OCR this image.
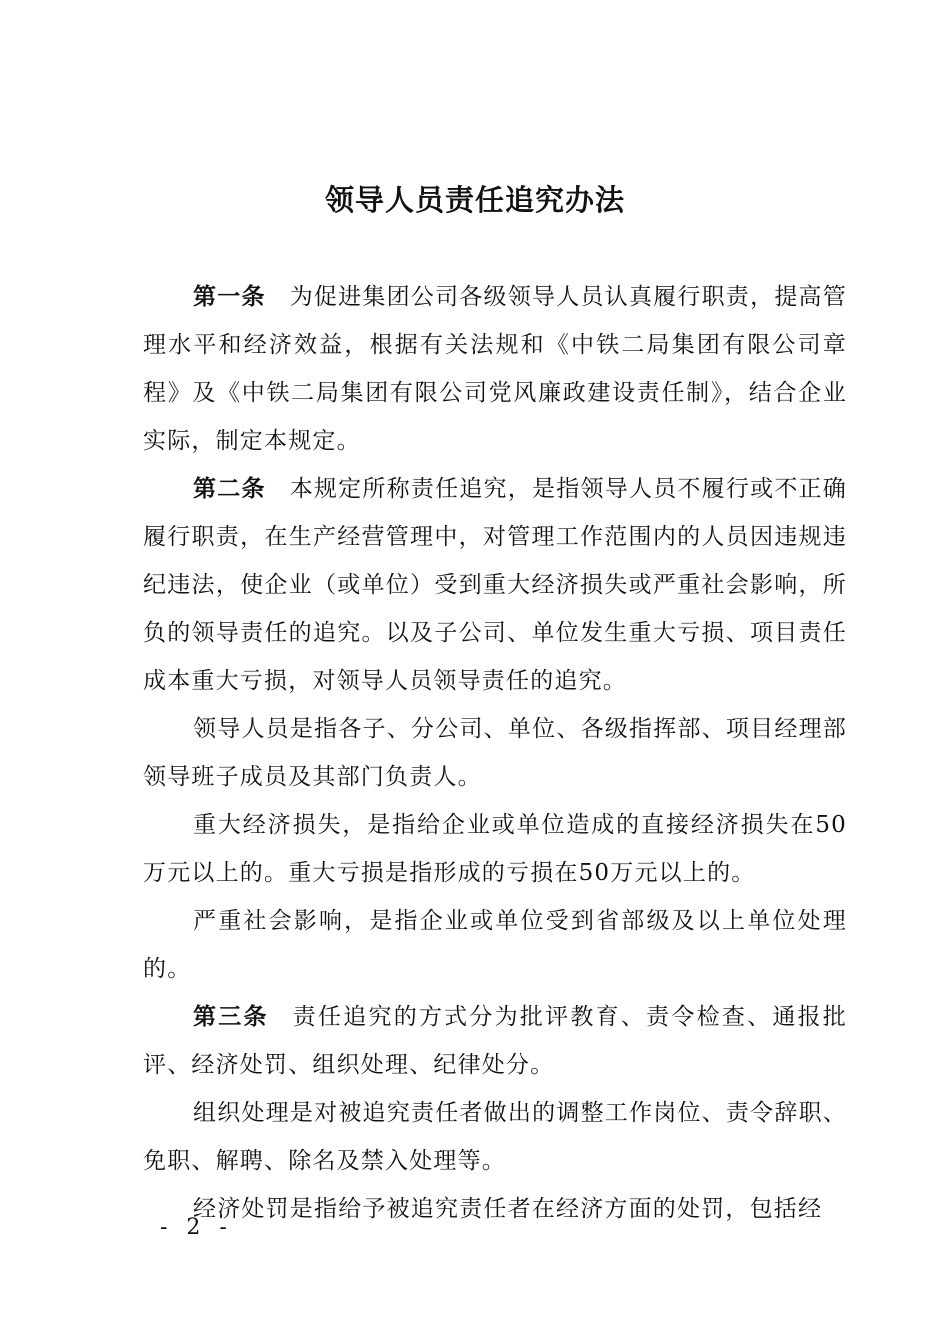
领导人员责任追究办法

第一条 为促进集团公司各级领导人员认真履行职责，提高管理水平和经济效益，根据有关法规和《中铁二局集团有限公司章程》及《中铁二局集团有限公司党风廉政建设责任制》，结合企业实际，制定本规定。

第二条 本规定所称责任追究，是指领导人员不履行或不正确履行职责，在生产经营管理中，对管理工作范围内的人员因违规违纪违法，使企业（或单位）受到重大经济损失或严重社会影响，所负的领导责任的追究。以及子公司、单位发生重大亏损、项目责任成本重大亏损，对领导人员领导责任的追究。

领导人员是指各子、分公司、单位、各级指挥部、项目经理部领导班子成员及其部门负责人。

重大经济损失，是指给企业或单位造成的直接经济损失在50万元以上的。重大亏损是指形成的亏损在50万元以上的。

严重社会影响，是指企业或单位受到省部级及以上单位处理的。

第三条 责任追究的方式分为批评教育、责令检查、通报批评、经济处罚、组织处理、纪律处分。

组织处理是对被追究责任者做出的调整工作岗位、责令辞职、免职、解聘、除名及禁入处理等。

经济处罚是指给予被追究责任者在经济方面的处罚，包括经

- 2 -
